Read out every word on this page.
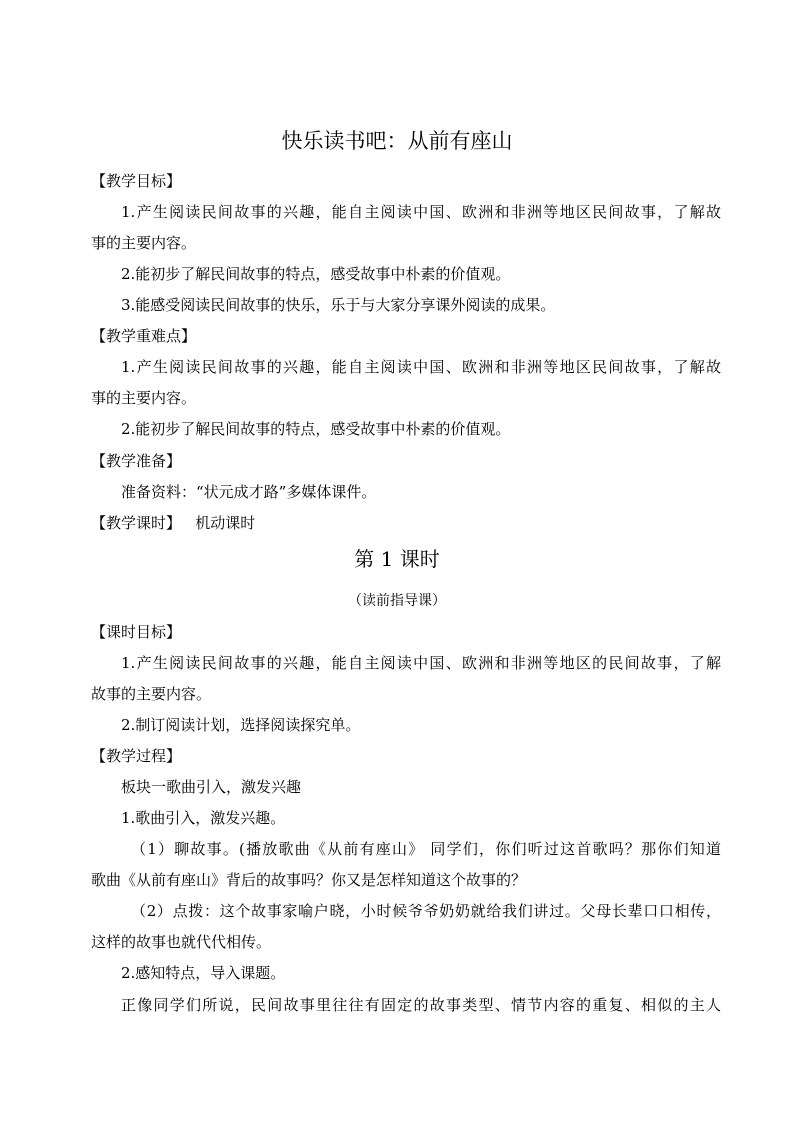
快乐读书吧：从前有座山
【教学目标】
1.产生阅读民间故事的兴趣，能自主阅读中国、欧洲和非洲等地区民间故事，了解故
事的主要内容。
2.能初步了解民间故事的特点，感受故事中朴素的价值观。
3.能感受阅读民间故事的快乐，乐于与大家分享课外阅读的成果。
【教学重难点】
1.产生阅读民间故事的兴趣，能自主阅读中国、欧洲和非洲等地区民间故事，了解故
事的主要内容。
2.能初步了解民间故事的特点，感受故事中朴素的价值观。
【教学准备】
准备资料：“状元成才路”多媒体课件。
【教学课时】   机动课时
第 1 课时
（读前指导课）
【课时目标】
1.产生阅读民间故事的兴趣，能自主阅读中国、欧洲和非洲等地区的民间故事，了解
故事的主要内容。
2.制订阅读计划，选择阅读探究单。
【教学过程】
板块一歌曲引入，激发兴趣
1.歌曲引入，激发兴趣。
（1）聊故事。(播放歌曲《从前有座山》 同学们，你们听过这首歌吗？那你们知道
歌曲《从前有座山》背后的故事吗？你又是怎样知道这个故事的？
（2）点拨：这个故事家喻户晓，小时候爷爷奶奶就给我们讲过。父母长辈口口相传，
这样的故事也就代代相传。
2.感知特点，导入课题。
正像同学们所说，民间故事里往往有固定的故事类型、情节内容的重复、相似的主人
